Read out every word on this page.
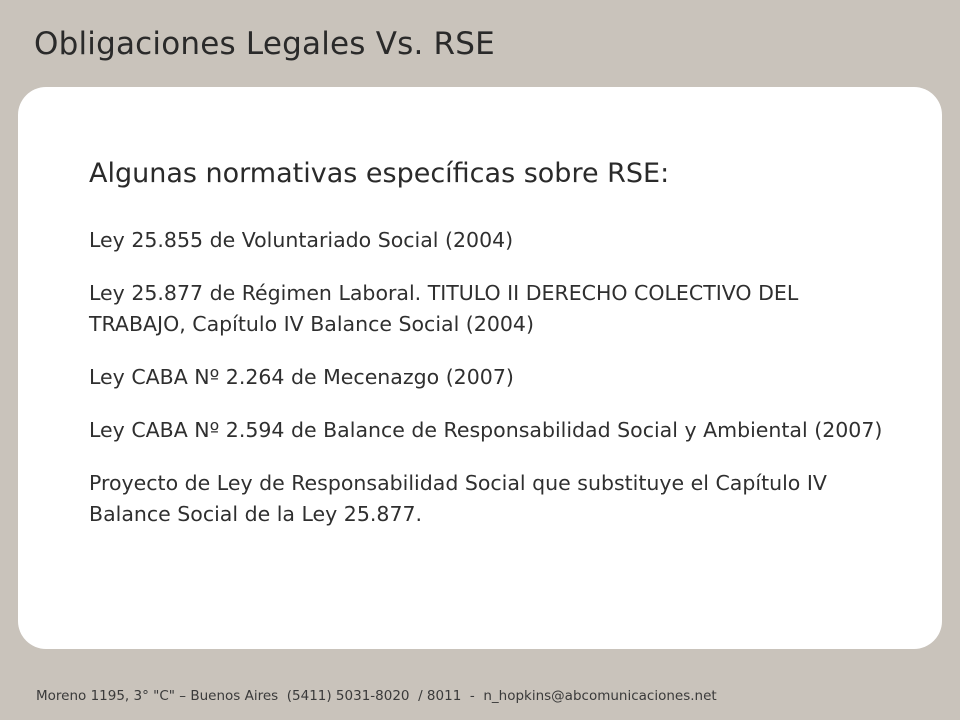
Obligaciones Legales Vs. RSE
Algunas normativas específicas sobre RSE:

Ley 25.855 de Voluntariado Social (2004)

Ley 25.877 de Régimen Laboral. TITULO II DERECHO COLECTIVO DEL TRABAJO, Capítulo IV Balance Social (2004)

Ley CABA Nº 2.264 de Mecenazgo (2007)

Ley CABA Nº 2.594 de Balance de Responsabilidad Social y Ambiental (2007)

Proyecto de Ley de Responsabilidad Social que substituye el Capítulo IV Balance Social de la Ley 25.877.

Moreno 1195, 3° "C" – Buenos Aires  (5411) 5031-8020  / 8011  -  n_hopkins@abcomunicaciones.net
